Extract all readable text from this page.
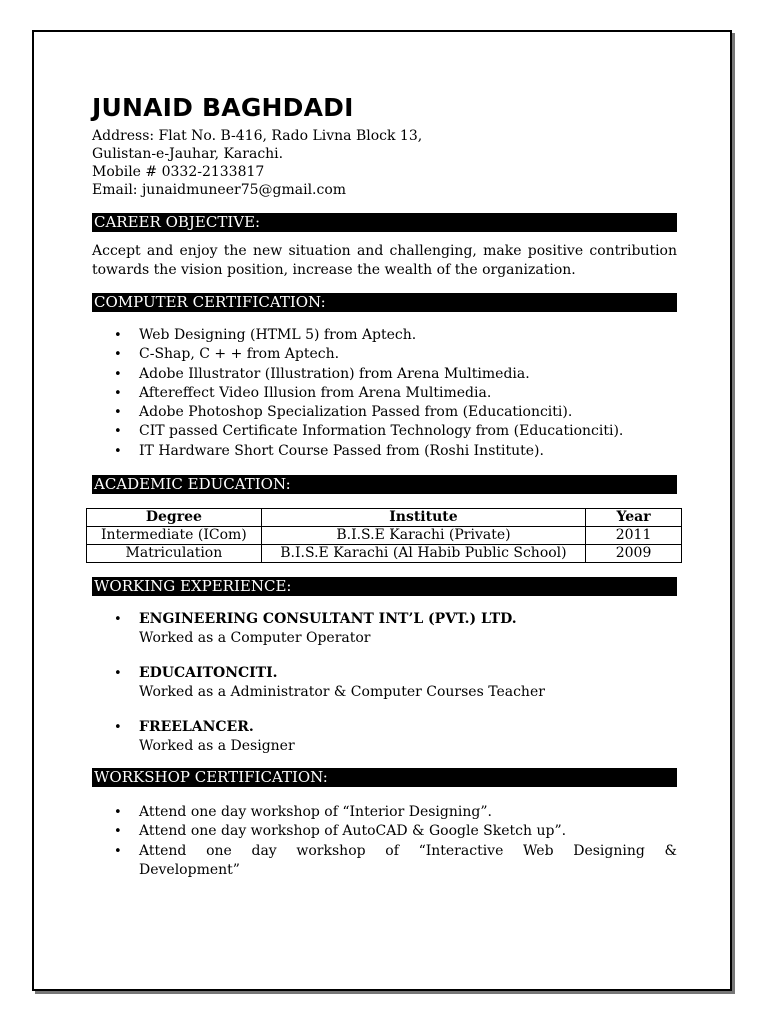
JUNAID BAGHDADI
Address: Flat No. B-416, Rado Livna Block 13,
Gulistan-e-Jauhar, Karachi.
Mobile # 0332-2133817
Email: junaidmuneer75@gmail.com
CAREER OBJECTIVE:
Accept and enjoy the new situation and challenging, make positive contribution towards the vision position, increase the wealth of the organization.
COMPUTER CERTIFICATION:
• Web Designing (HTML 5) from Aptech.
• C-Shap, C + + from Aptech.
• Adobe Illustrator (Illustration) from Arena Multimedia.
• Aftereffect Video Illusion from Arena Multimedia.
• Adobe Photoshop Specialization Passed from (Educationciti).
• CIT passed Certificate Information Technology from (Educationciti).
• IT Hardware Short Course Passed from (Roshi Institute).
ACADEMIC EDUCATION:
Degree	Institute	Year
Intermediate (ICom)	B.I.S.E Karachi (Private)	2011
Matriculation	B.I.S.E Karachi (Al Habib Public School)	2009
WORKING EXPERIENCE:
• ENGINEERING CONSULTANT INT’L (PVT.) LTD.
Worked as a Computer Operator
• EDUCAITONCITI.
Worked as a Administrator & Computer Courses Teacher
• FREELANCER.
Worked as a Designer
WORKSHOP CERTIFICATION:
• Attend one day workshop of “Interior Designing”.
• Attend one day workshop of AutoCAD & Google Sketch up”.
• Attend one day workshop of “Interactive Web Designing &
Development”
